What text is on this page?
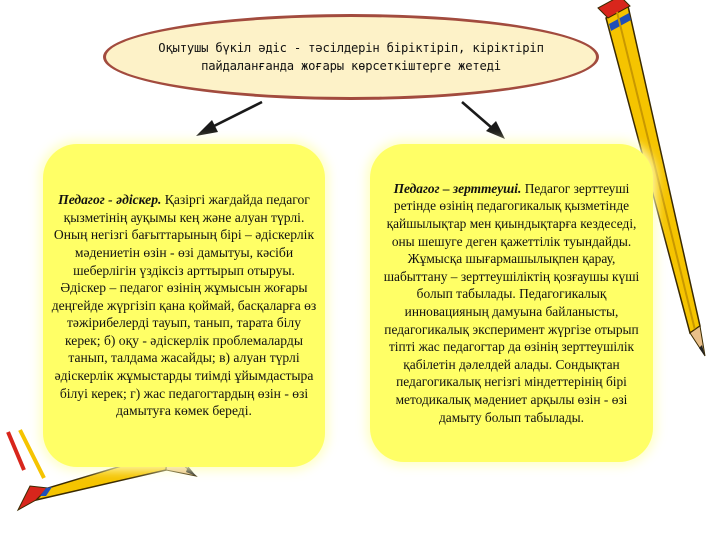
Оқытушы бүкіл әдіс - тәсілдерін біріктіріп, кіріктіріп пайдаланғанда жоғары көрсеткіштерге жетеді
Педагог - әдіскер. Қазіргі жағдайда педагог қызметінің ауқымы кең және алуан түрлі. Оның негізгі бағыттарының бірі – әдіскерлік мәдениетін өзін - өзі дамытуы, кәсіби шеберлігін үздіксіз арттырып отыруы. Әдіскер – педагог өзінің жұмысын жоғары деңгейде жүргізіп қана қоймай, басқаларға өз тәжірибелерді тауып, танып, тарата білу керек; б) оқу - әдіскерлік проблемаларды танып, талдама жасайды; в) алуан түрлі әдіскерлік жұмыстарды тиімді ұйымдастыра білуі керек; г) жас педагогтардың өзін - өзі дамытуға көмек береді.
Педагог – зерттеуші. Педагог зерттеуші ретінде өзінің педагогикалық қызметінде қайшылықтар мен қиындықтарға кездеседі, оны шешуге деген қажеттілік туындайды. Жұмысқа шығармашылықпен қарау, шабыттану – зерттеушіліктің қозғаушы күші болып табылады. Педагогикалық инновацияның дамуына байланысты, педагогикалық эксперимент жүргізе отырып тіпті жас педагогтар да өзінің зерттеушілік қабілетін дәлелдей алады. Сондықтан педагогикалық негізгі міндеттерінің бірі методикалық мәдениет арқылы өзін - өзі дамыту болып табылады.
